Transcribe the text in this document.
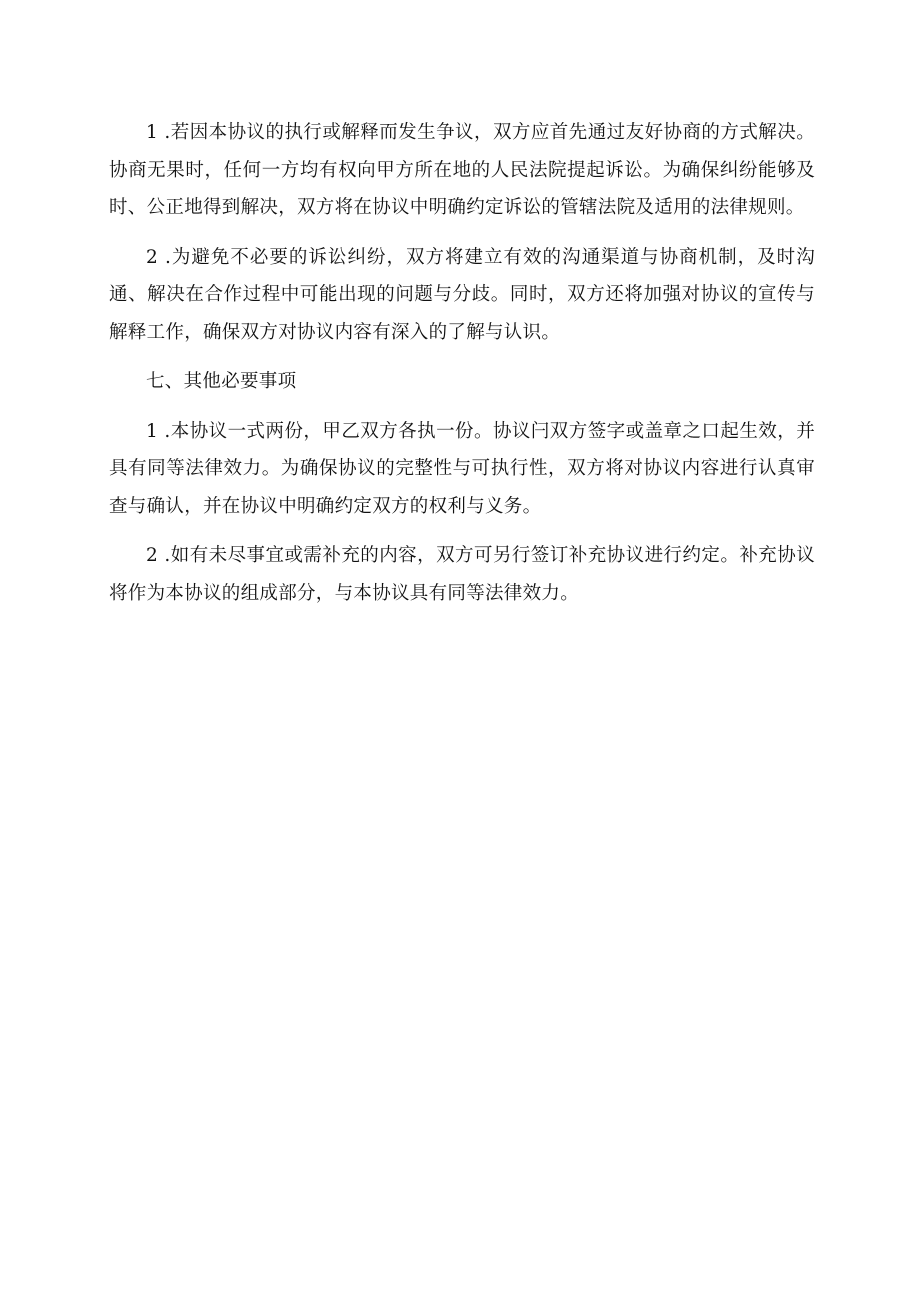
1 .若因本协议的执行或解释而发生争议，双方应首先通过友好协商的方式解决。协商无果时，任何一方均有权向甲方所在地的人民法院提起诉讼。为确保纠纷能够及时、公正地得到解决，双方将在协议中明确约定诉讼的管辖法院及适用的法律规则。

2 .为避免不必要的诉讼纠纷，双方将建立有效的沟通渠道与协商机制，及时沟通、解决在合作过程中可能出现的问题与分歧。同时，双方还将加强对协议的宣传与解释工作，确保双方对协议内容有深入的了解与认识。

七、其他必要事项

1 .本协议一式两份，甲乙双方各执一份。协议闩双方签字或盖章之口起生效，并具有同等法律效力。为确保协议的完整性与可执行性，双方将对协议内容进行认真审查与确认，并在协议中明确约定双方的权利与义务。

2 .如有未尽事宜或需补充的内容，双方可另行签订补充协议进行约定。补充协议将作为本协议的组成部分，与本协议具有同等法律效力。
